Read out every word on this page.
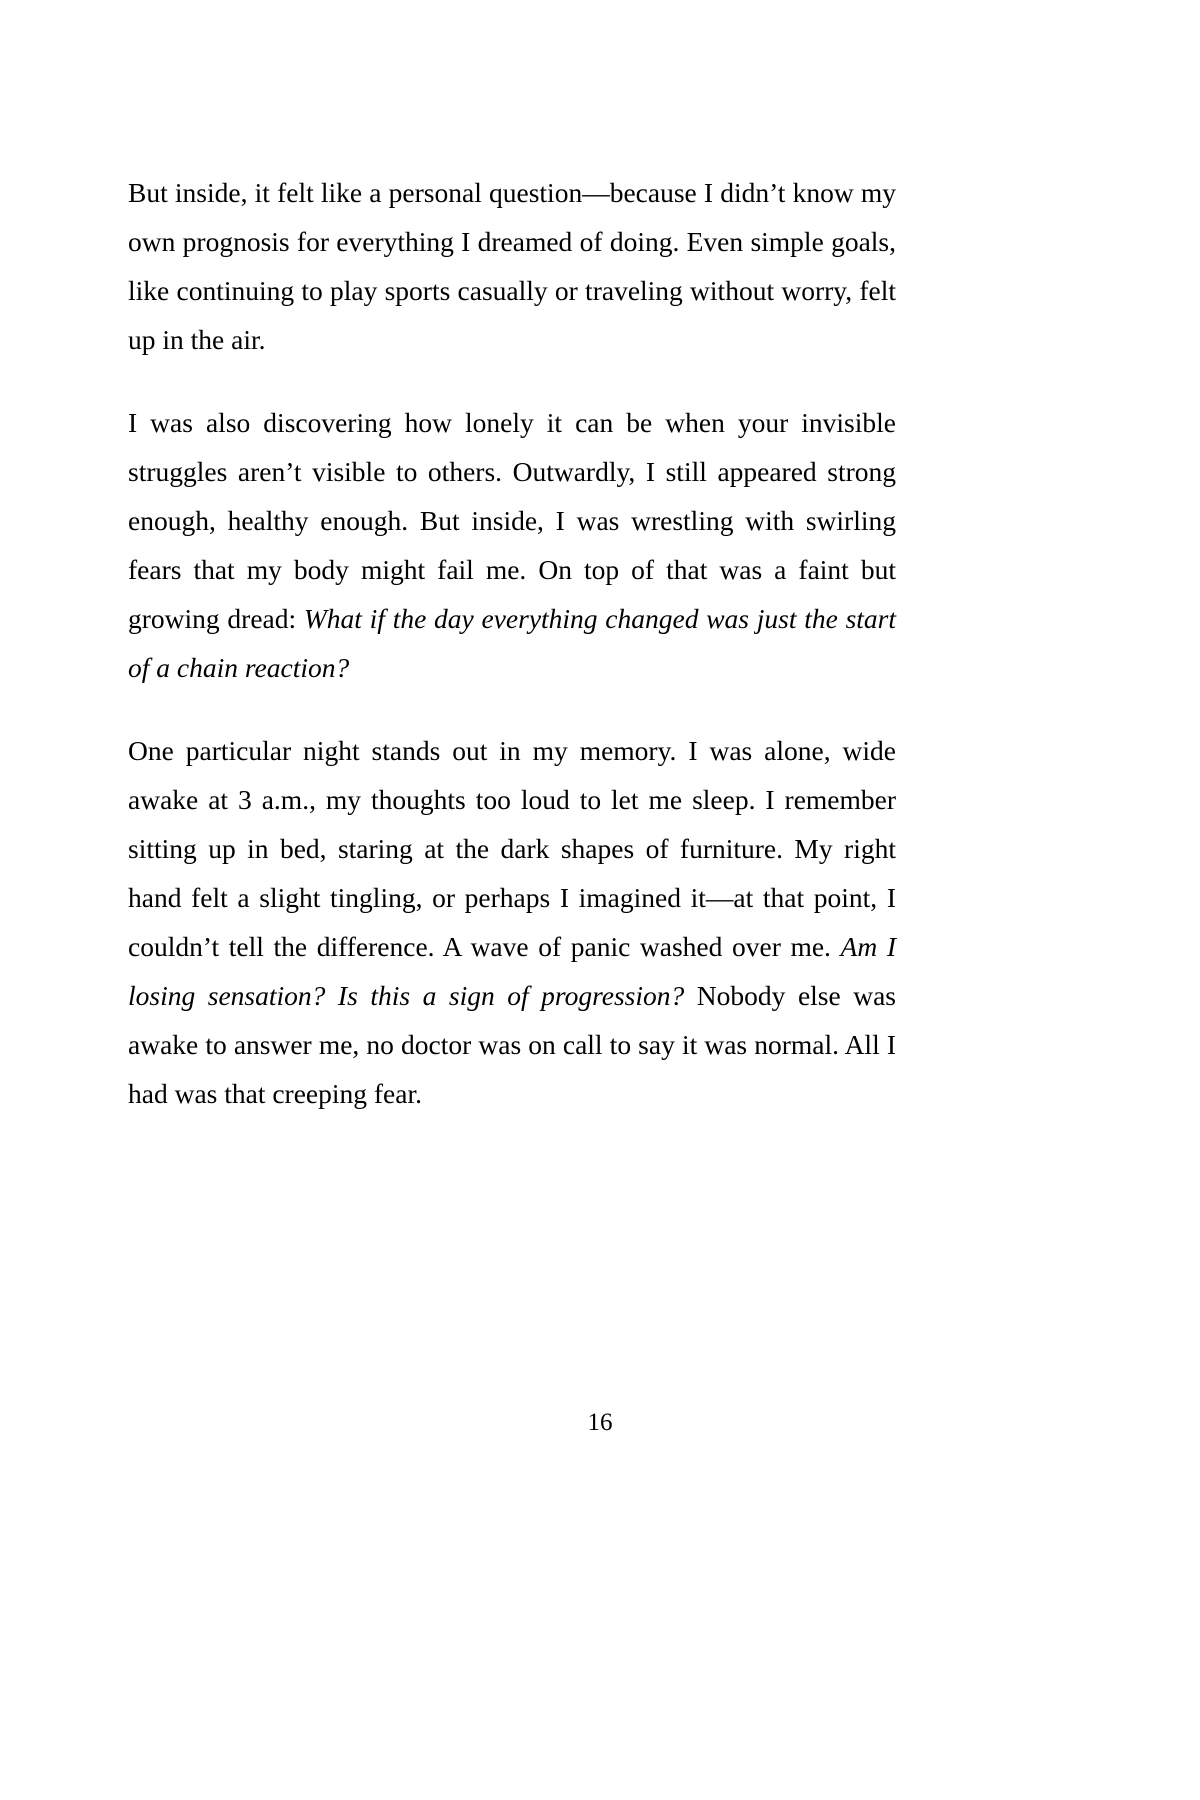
But inside, it felt like a personal question—because I didn’t know my own prognosis for everything I dreamed of doing. Even simple goals, like continuing to play sports casually or traveling without worry, felt up in the air.

I was also discovering how lonely it can be when your invisible struggles aren’t visible to others. Outwardly, I still appeared strong enough, healthy enough. But inside, I was wrestling with swirling fears that my body might fail me. On top of that was a faint but growing dread: What if the day everything changed was just the start of a chain reaction?

One particular night stands out in my memory. I was alone, wide awake at 3 a.m., my thoughts too loud to let me sleep. I remember sitting up in bed, staring at the dark shapes of furniture. My right hand felt a slight tingling, or perhaps I imagined it—at that point, I couldn’t tell the difference. A wave of panic washed over me. Am I losing sensation? Is this a sign of progression? Nobody else was awake to answer me, no doctor was on call to say it was normal. All I had was that creeping fear.

16
